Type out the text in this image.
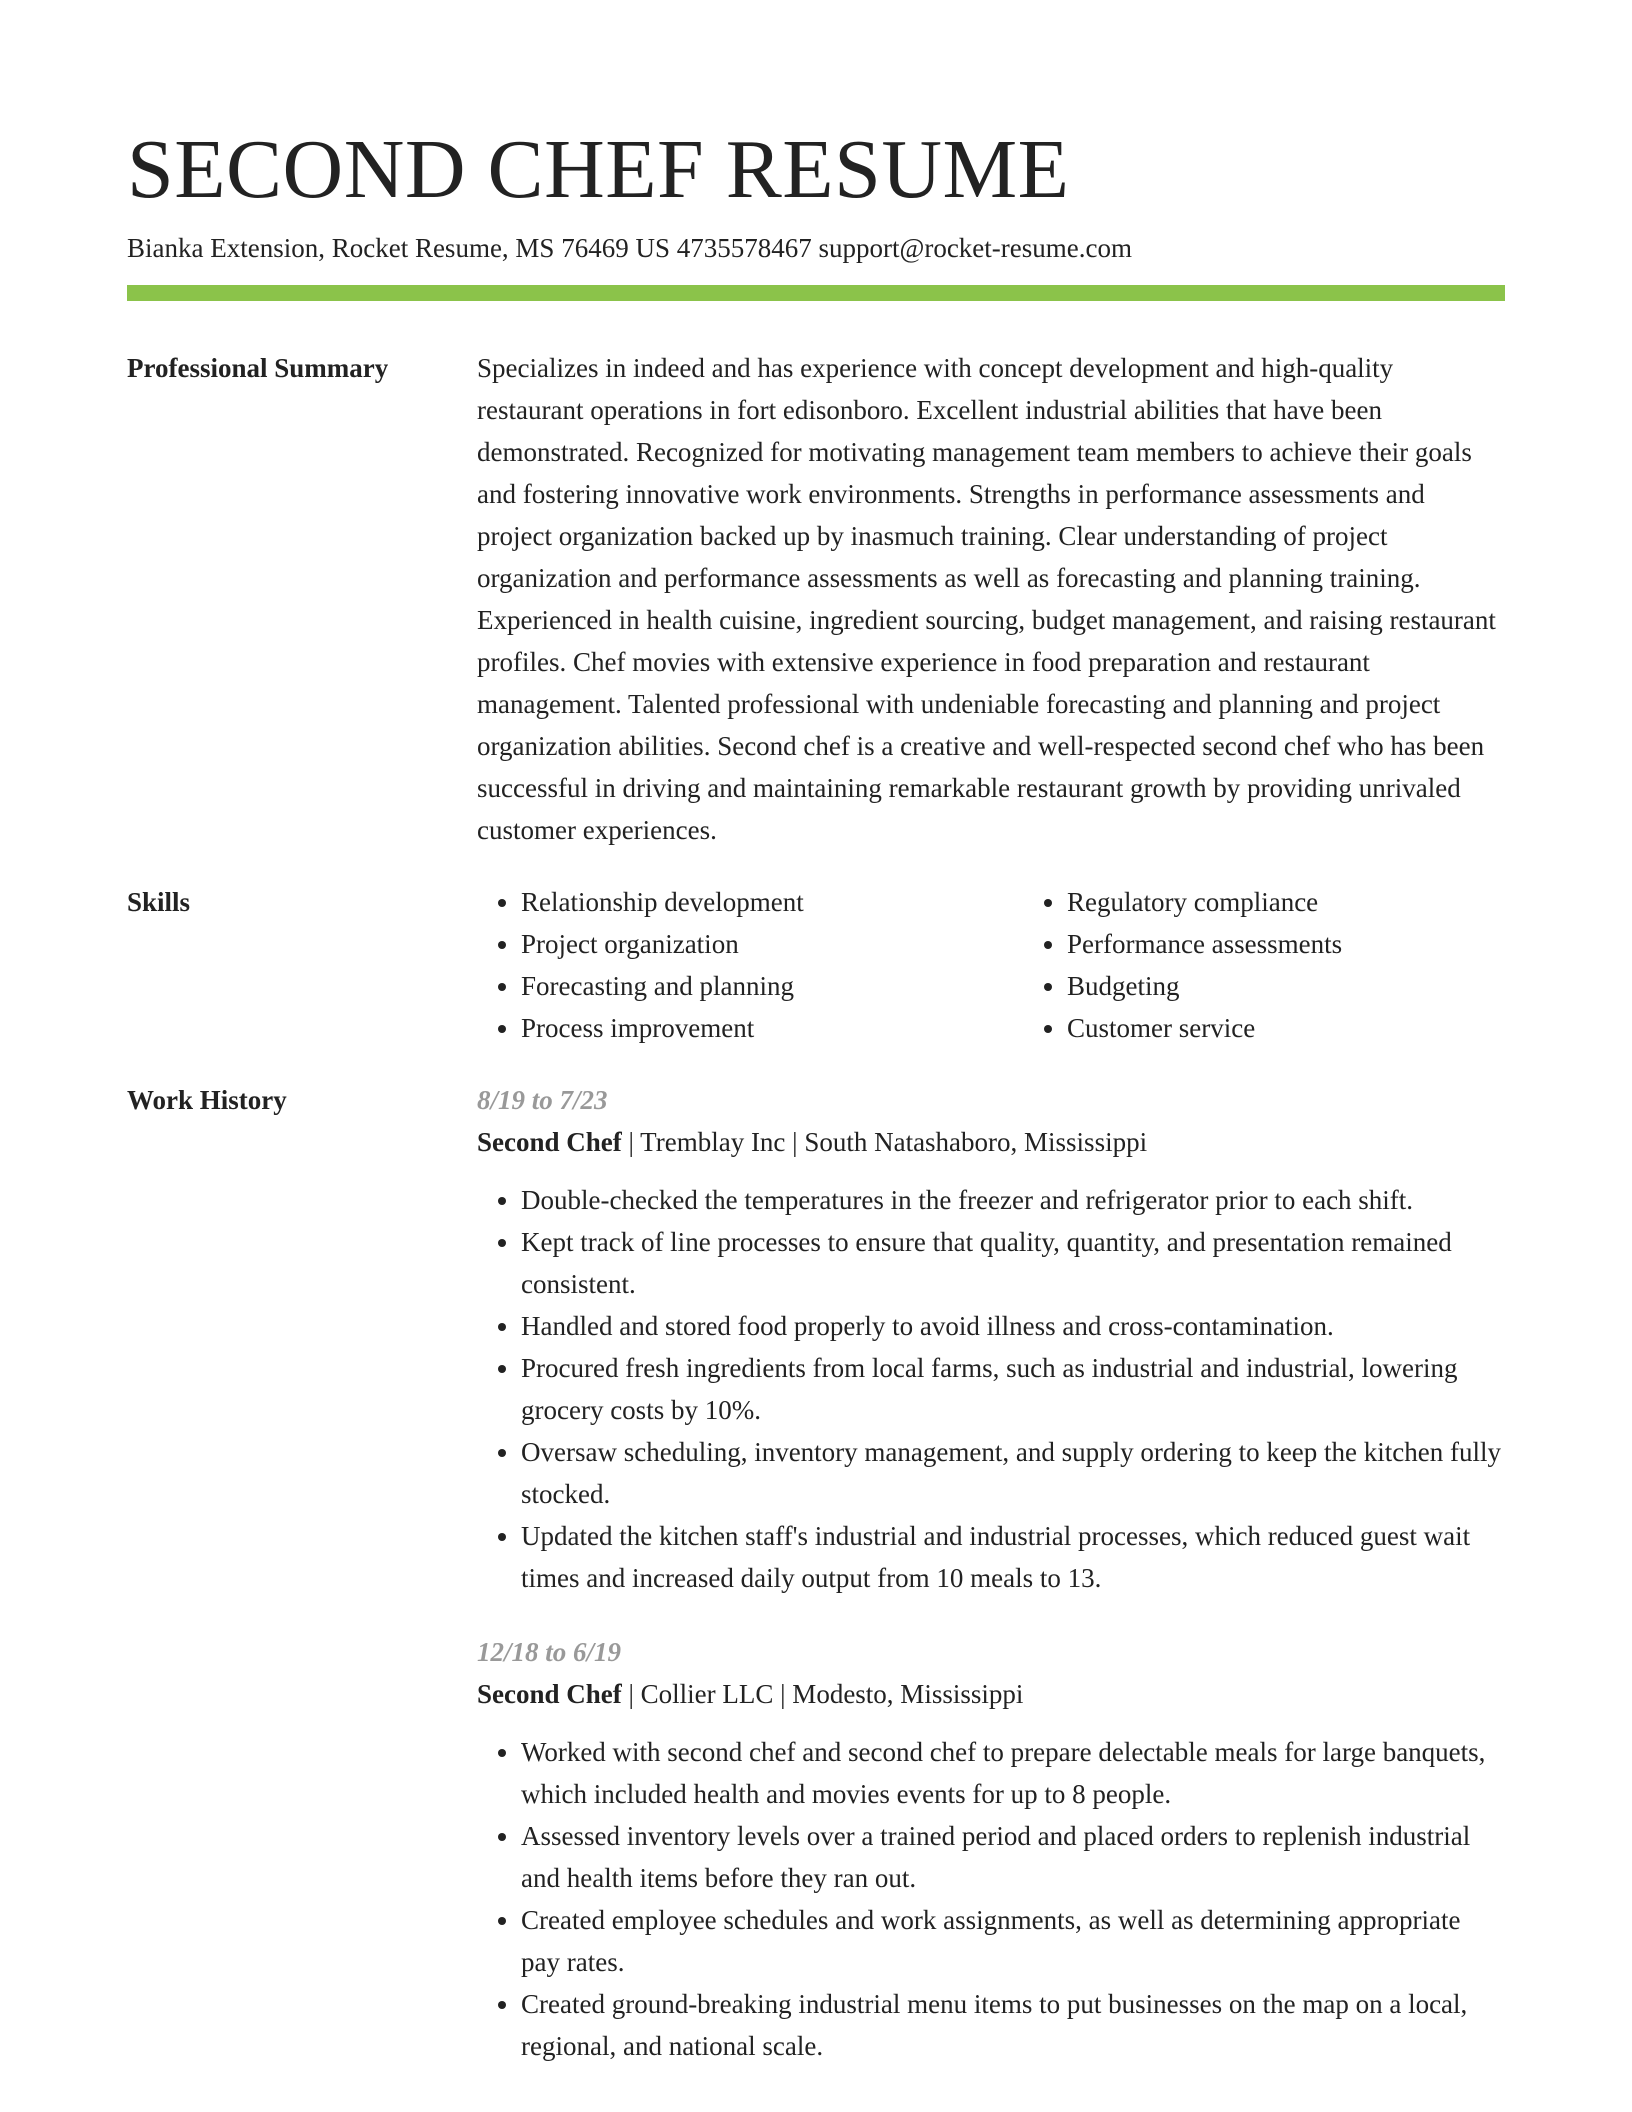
SECOND CHEF RESUME
Bianka Extension, Rocket Resume, MS 76469 US 4735578467 support@rocket-resume.com
Professional Summary	Specializes in indeed and has experience with concept development and high-quality restaurant operations in fort edisonboro. Excellent industrial abilities that have been demonstrated. Recognized for motivating management team members to achieve their goals and fostering innovative work environments. Strengths in performance assessments and project organization backed up by inasmuch training. Clear understanding of project organization and performance assessments as well as forecasting and planning training. Experienced in health cuisine, ingredient sourcing, budget management, and raising restaurant profiles. Chef movies with extensive experience in food preparation and restaurant management. Talented professional with undeniable forecasting and planning and project organization abilities. Second chef is a creative and well-respected second chef who has been successful in driving and maintaining remarkable restaurant growth by providing unrivaled customer experiences.

Skills
•	Relationship development
• Project organization
• Forecasting and planning
• Process improvement
• Regulatory compliance
• Performance assessments
• Budgeting
• Customer service
Work History	8/19 to 7/23
Second Chef | Tremblay Inc | South Natashaboro, Mississippi
• Double-checked the temperatures in the freezer and refrigerator prior to each shift.
• Kept track of line processes to ensure that quality, quantity, and presentation remained consistent.
• Handled and stored food properly to avoid illness and cross-contamination.
• Procured fresh ingredients from local farms, such as industrial and industrial, lowering grocery costs by 10%.
• Oversaw scheduling, inventory management, and supply ordering to keep the kitchen fully stocked.
• Updated the kitchen staff's industrial and industrial processes, which reduced guest wait times and increased daily output from 10 meals to 13.
12/18 to 6/19
Second Chef | Collier LLC | Modesto, Mississippi
• Worked with second chef and second chef to prepare delectable meals for large banquets, which included health and movies events for up to 8 people.
• Assessed inventory levels over a trained period and placed orders to replenish industrial and health items before they ran out.
• Created employee schedules and work assignments, as well as determining appropriate pay rates.
• Created ground-breaking industrial menu items to put businesses on the map on a local, regional, and national scale.
